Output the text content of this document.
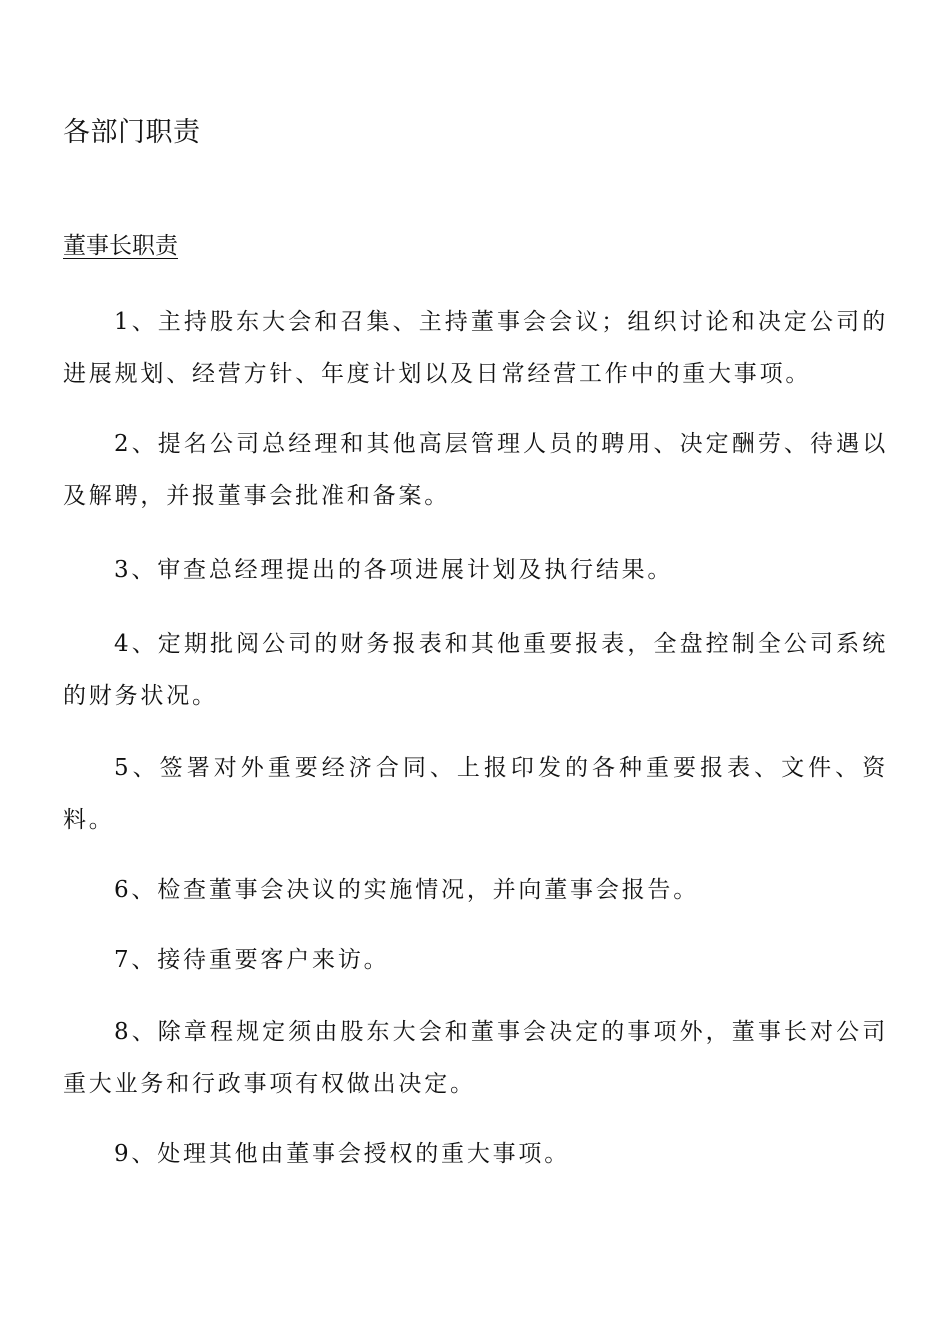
各部门职责
董事长职责

1、主持股东大会和召集、主持董事会会议；组织讨论和决定公司的进展规划、经营方针、年度计划以及日常经营工作中的重大事项。

2、提名公司总经理和其他高层管理人员的聘用、决定酬劳、待遇以及解聘，并报董事会批准和备案。

3、审查总经理提出的各项进展计划及执行结果。

4、定期批阅公司的财务报表和其他重要报表，全盘控制全公司系统的财务状况。

5、签署对外重要经济合同、上报印发的各种重要报表、文件、资料。

6、检查董事会决议的实施情况，并向董事会报告。

7、接待重要客户来访。

8、除章程规定须由股东大会和董事会决定的事项外，董事长对公司重大业务和行政事项有权做出决定。

9、处理其他由董事会授权的重大事项。
